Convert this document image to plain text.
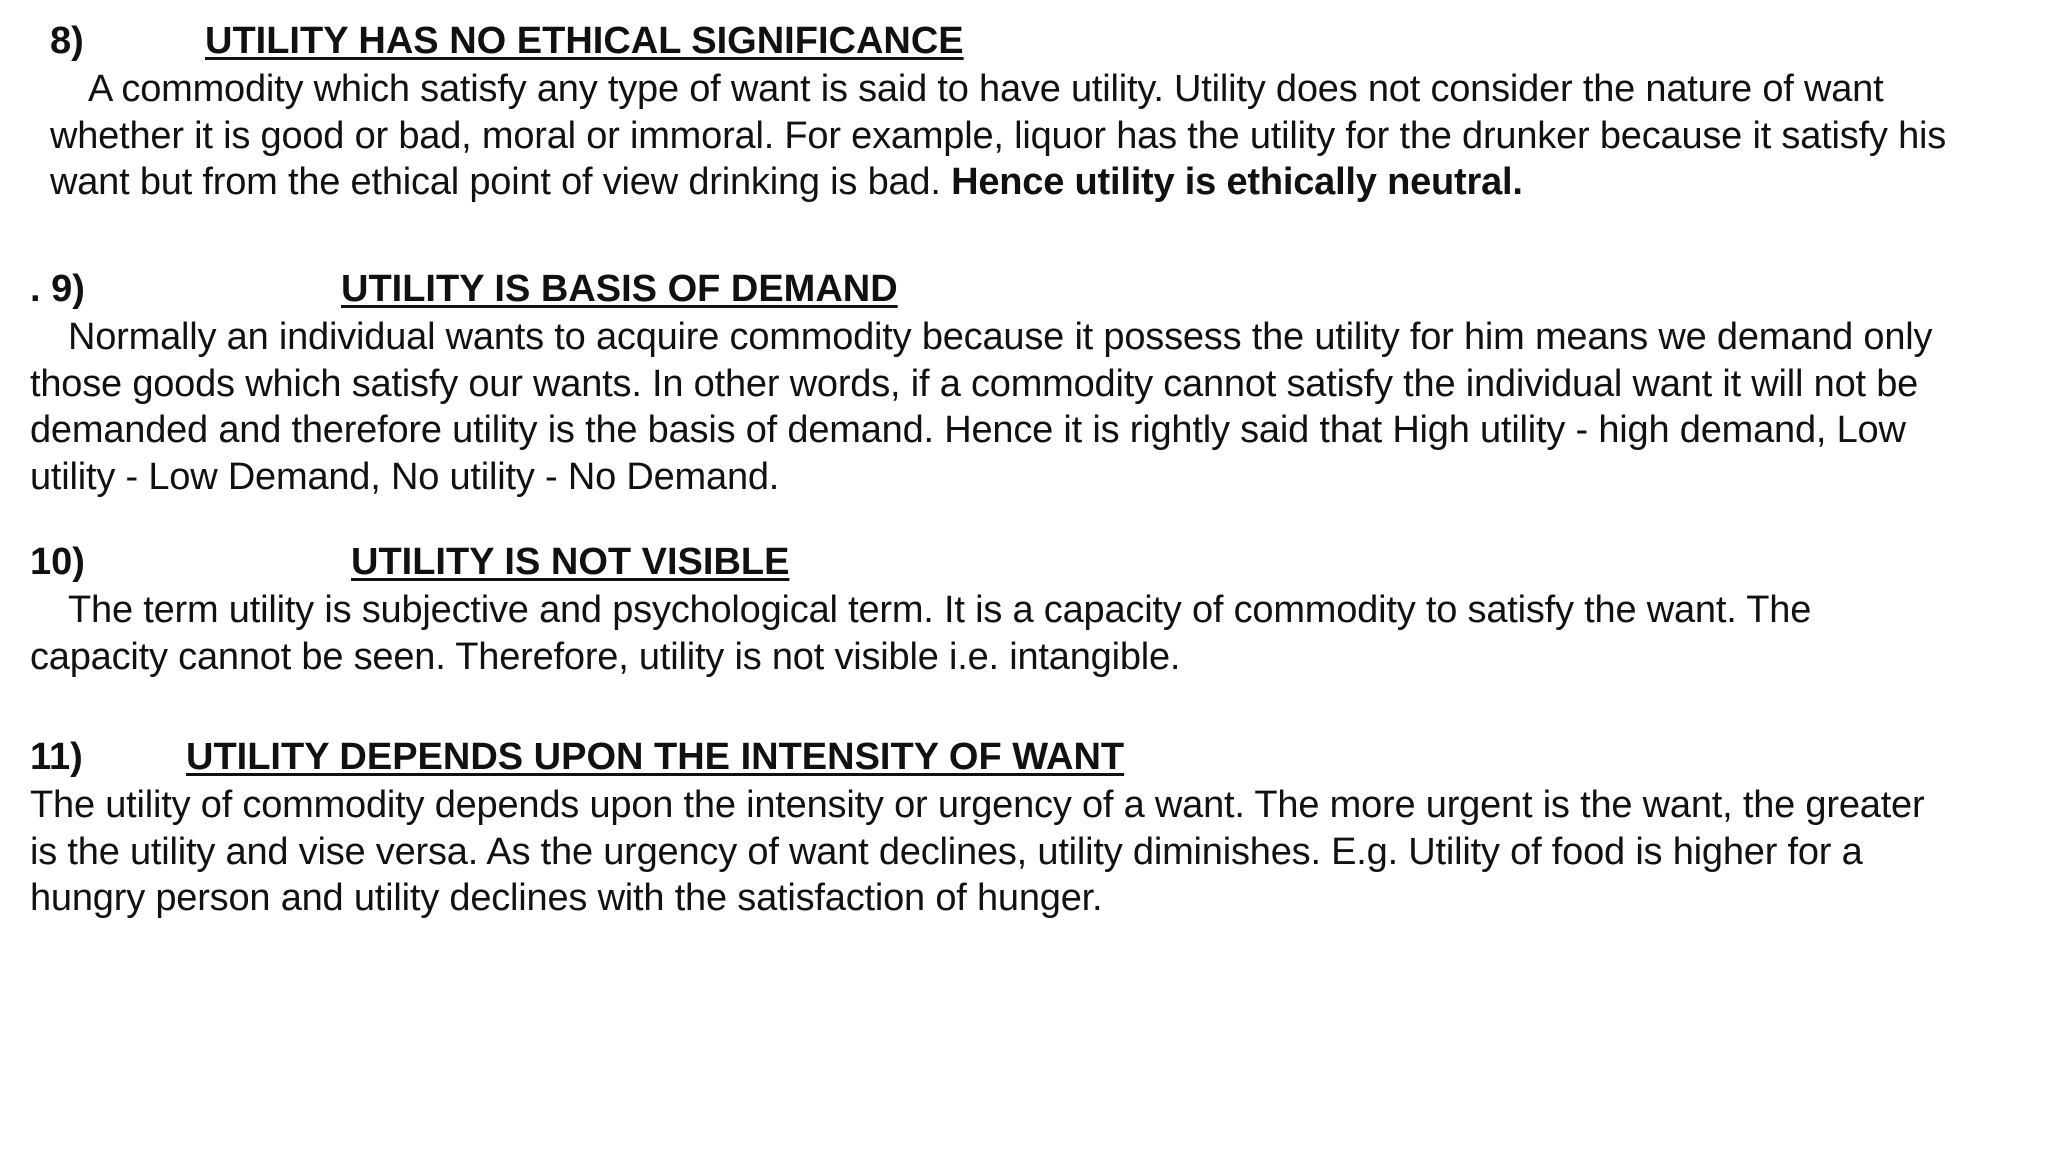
8)	UTILITY HAS NO ETHICAL SIGNIFICANCE
A commodity which satisfy any type of want is said to have utility. Utility does not consider the nature of want
whether it is good or bad, moral or immoral. For example, liquor has the utility for the drunker because it satisfy his
want but from the ethical point of view drinking is bad. Hence utility is ethically neutral.
. 9)	UTILITY IS BASIS OF DEMAND
Normally an individual wants to acquire commodity because it possess the utility for him means we demand only
those goods which satisfy our wants. In other words, if a commodity cannot satisfy the individual want it will not be
demanded and therefore utility is the basis of demand. Hence it is rightly said that High utility - high demand, Low
utility - Low Demand, No utility - No Demand.
10)	UTILITY IS NOT VISIBLE
The term utility is subjective and psychological term. It is a capacity of commodity to satisfy the want. The
capacity cannot be seen. Therefore, utility is not visible i.e. intangible.
11)	UTILITY DEPENDS UPON THE INTENSITY OF WANT
The utility of commodity depends upon the intensity or urgency of a want. The more urgent is the want, the greater
is the utility and vise versa. As the urgency of want declines, utility diminishes. E.g. Utility of food is higher for a
hungry person and utility declines with the satisfaction of hunger.
